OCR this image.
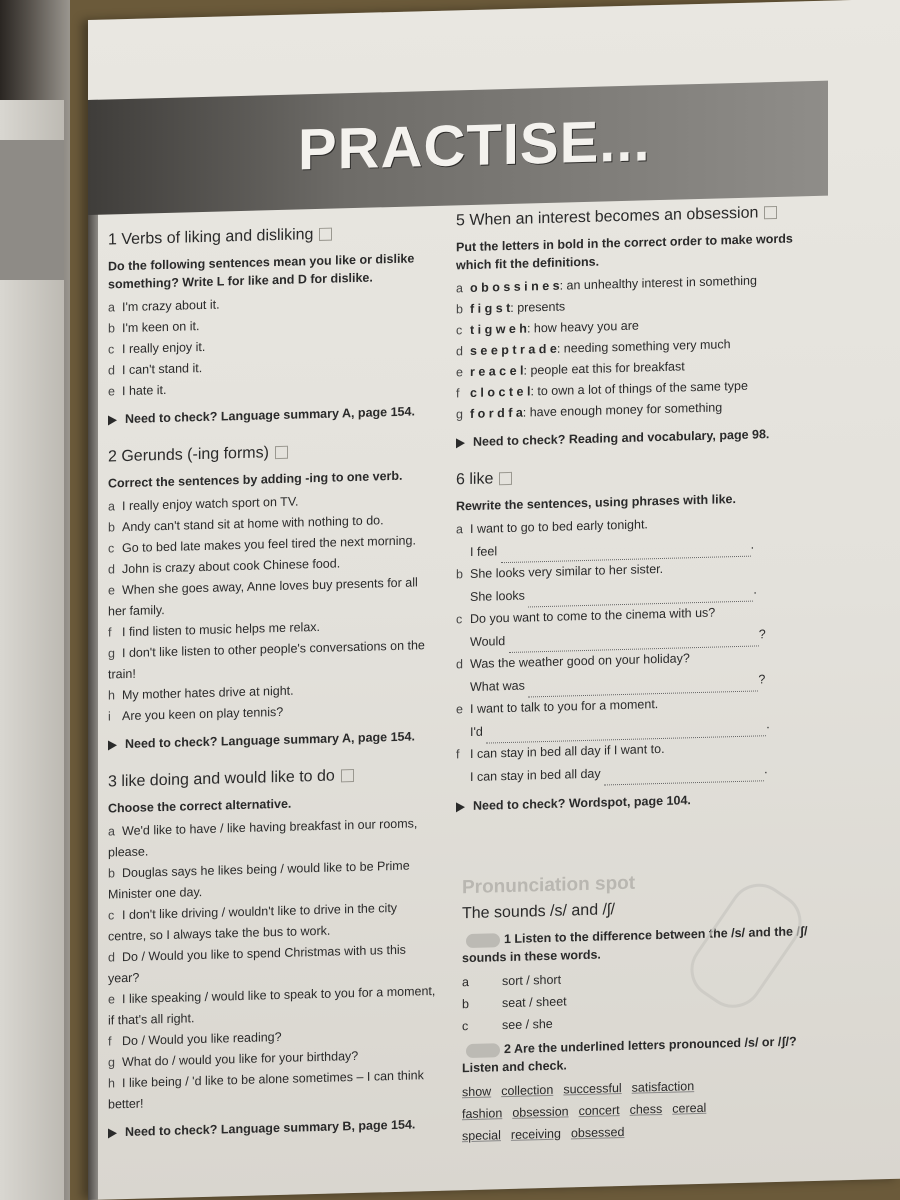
PRACTISE...
1 Verbs of liking and disliking

Do the following sentences mean you like or dislike something? Write L for like and D for dislike.

a I'm crazy about it.

b I'm keen on it.

c I really enjoy it.

d I can't stand it.

e I hate it.

Need to check? Language summary A, page 154.

2 Gerunds (-ing forms)

Correct the sentences by adding -ing to one verb.

a I really enjoy watch sport on TV.

b Andy can't stand sit at home with nothing to do.

c Go to bed late makes you feel tired the next morning.

d John is crazy about cook Chinese food.

e When she goes away, Anne loves buy presents for all her family.

f I find listen to music helps me relax.

g I don't like listen to other people's conversations on the train!

h My mother hates drive at night.

i Are you keen on play tennis?

Need to check? Language summary A, page 154.

3 like doing and would like to do

Choose the correct alternative.

a We'd like to have / like having breakfast in our rooms, please.

b Douglas says he likes being / would like to be Prime Minister one day.

c I don't like driving / wouldn't like to drive in the city centre, so I always take the bus to work.

d Do / Would you like to spend Christmas with us this year?

e I like speaking / would like to speak to you for a moment, if that's all right.

f Do / Would you like reading?

g What do / would you like for your birthday?

h I like being / 'd like to be alone sometimes – I can think better!

Need to check? Language summary B, page 154.

5 When an interest becomes an obsession

Put the letters in bold in the correct order to make words which fit the definitions.

a o b o s s i n e s: an unhealthy interest in something

b f i g s t: presents

c t i g w e h: how heavy you are

d s e e p t r a d e: needing something very much

e r e a c e l: people eat this for breakfast

f c l o c t e l: to own a lot of things of the same type

g f o r d f a: have enough money for something

Need to check? Reading and vocabulary, page 98.

6 like

Rewrite the sentences, using phrases with like.

a I want to go to bed early tonight.

I feel	.

b She looks very similar to her sister.

She looks	.

c Do you want to come to the cinema with us?

Would	?

d Was the weather good on your holiday?

What was	?

e I want to talk to you for a moment.

I'd .

f I can stay in bed all day if I want to.

I can stay in bed all day	.

Need to check? Wordspot, page 104.

Pronunciation spot
The sounds /s/ and /ʃ/

1 Listen to the difference between the /s/ and the /ʃ/ sounds in these words.

a	sort / short

b	seat / sheet

c	see / she

2 Are the underlined letters pronounced /s/ or /ʃ/? Listen and check.

show collection successful satisfaction
fashion obsession concert chess cereal
special receiving obsessed
